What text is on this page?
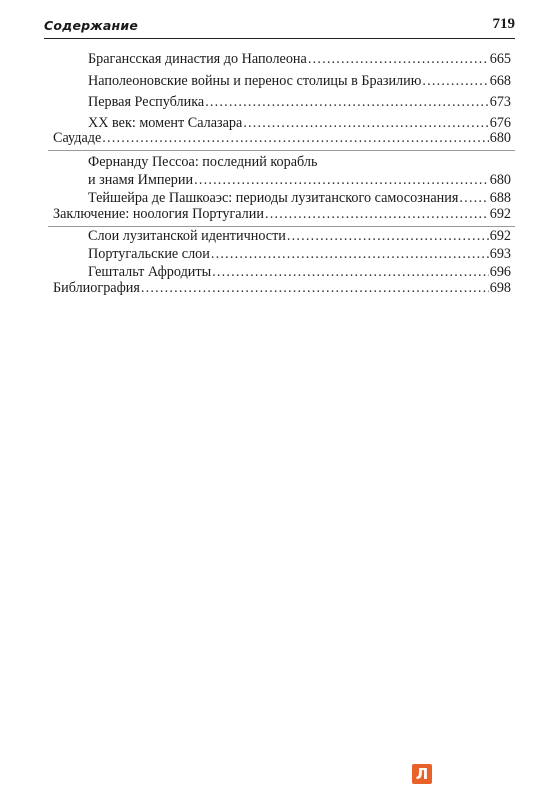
Содержание	719
Брагансская династия до Наполеона .....	665
Наполеоновские войны и перенос столицы в Бразилию .....	668
Первая Республика .....	673
XX век: момент Салазара .....	676
Саудаде .....	680
Фернанду Пессоа: последний корабль
и знамя Империи .....	680
Тейшейра де Пашкоаэс: периоды лузитанского самосознания ..... 688
Заключение: ноология Португалии .....	692
Слои лузитанской идентичности .....	692
Португальские слои .....	693
Гештальт Афродиты .....	696
Библиография .....	698
Л
